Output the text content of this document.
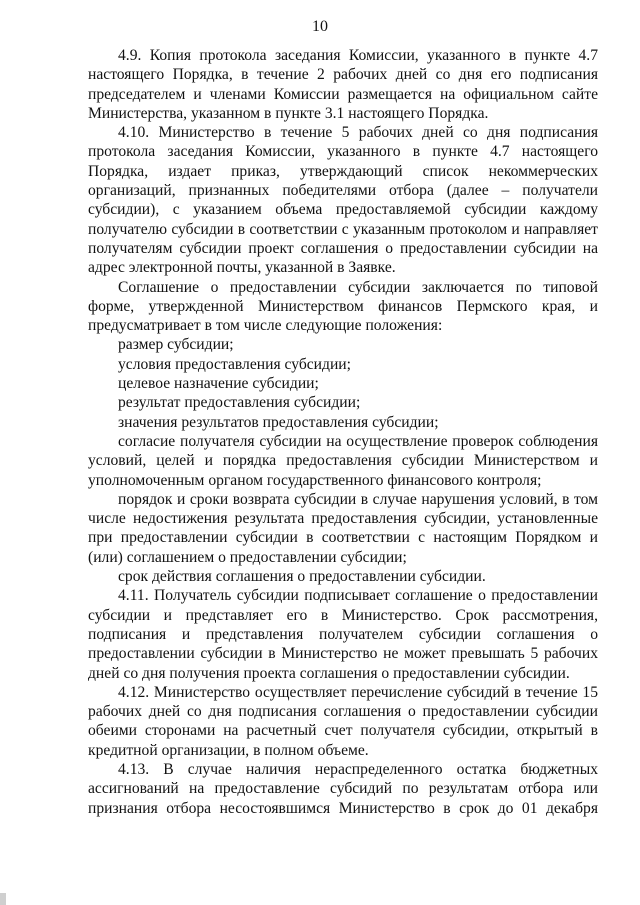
10

4.9. Копия протокола заседания Комиссии, указанного в пункте 4.7 настоящего Порядка, в течение 2 рабочих дней со дня его подписания председателем и членами Комиссии размещается на официальном сайте Министерства, указанном в пункте 3.1 настоящего Порядка.

4.10. Министерство в течение 5 рабочих дней со дня подписания протокола заседания Комиссии, указанного в пункте 4.7 настоящего Порядка, издает приказ, утверждающий список некоммерческих организаций, признанных победителями отбора (далее – получатели субсидии), с указанием объема предоставляемой субсидии каждому получателю субсидии в соответствии с указанным протоколом и направляет получателям субсидии проект соглашения о предоставлении субсидии на адрес электронной почты, указанной в Заявке.

Соглашение о предоставлении субсидии заключается по типовой форме, утвержденной Министерством финансов Пермского края, и предусматривает в том числе следующие положения:

размер субсидии;

условия предоставления субсидии;

целевое назначение субсидии;

результат предоставления субсидии;

значения результатов предоставления субсидии;

согласие получателя субсидии на осуществление проверок соблюдения условий, целей и порядка предоставления субсидии Министерством и уполномоченным органом государственного финансового контроля;

порядок и сроки возврата субсидии в случае нарушения условий, в том числе недостижения результата предоставления субсидии, установленные при предоставлении субсидии в соответствии с настоящим Порядком и (или) соглашением о предоставлении субсидии;

срок действия соглашения о предоставлении субсидии.

4.11. Получатель субсидии подписывает соглашение о предоставлении субсидии и представляет его в Министерство. Срок рассмотрения, подписания и представления получателем субсидии соглашения о предоставлении субсидии в Министерство не может превышать 5 рабочих дней со дня получения проекта соглашения о предоставлении субсидии.

4.12. Министерство осуществляет перечисление субсидий в течение 15 рабочих дней со дня подписания соглашения о предоставлении субсидии обеими сторонами на расчетный счет получателя субсидии, открытый в кредитной организации, в полном объеме.

4.13. В случае наличия нераспределенного остатка бюджетных ассигнований на предоставление субсидий по результатам отбора или признания отбора несостоявшимся Министерство в срок до 01 декабря
